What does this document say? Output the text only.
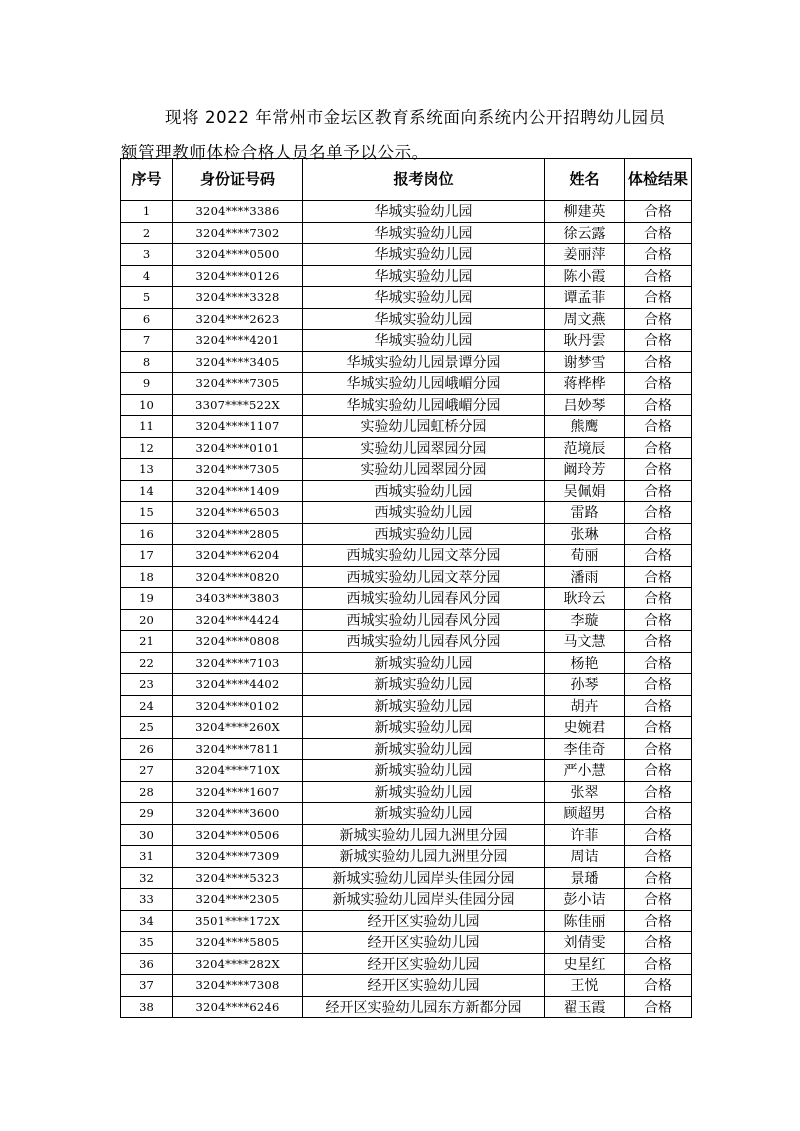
现将 2022 年常州市金坛区教育系统面向系统内公开招聘幼儿园员
额管理教师体检合格人员名单予以公示。
序号	身份证号码	报考岗位	姓名	体检结果
1	3204****3386	华城实验幼儿园	柳建英	合格
2	3204****7302	华城实验幼儿园	徐云露	合格
3	3204****0500	华城实验幼儿园	姜丽萍	合格
4	3204****0126	华城实验幼儿园	陈小霞	合格
5	3204****3328	华城实验幼儿园	谭孟菲	合格
6	3204****2623	华城实验幼儿园	周文燕	合格
7	3204****4201	华城实验幼儿园	耿丹雲	合格
8	3204****3405	华城实验幼儿园景谭分园	谢梦雪	合格
9	3204****7305	华城实验幼儿园峨嵋分园	蒋桦桦	合格
10	3307****522X	华城实验幼儿园峨嵋分园	吕妙琴	合格
11	3204****1107	实验幼儿园虹桥分园	熊鹰	合格
12	3204****0101	实验幼儿园翠园分园	范境辰	合格
13	3204****7305	实验幼儿园翠园分园	阚玲芳	合格
14	3204****1409	西城实验幼儿园	吴佩娟	合格
15	3204****6503	西城实验幼儿园	雷路	合格
16	3204****2805	西城实验幼儿园	张琳	合格
17	3204****6204	西城实验幼儿园文萃分园	荀丽	合格
18	3204****0820	西城实验幼儿园文萃分园	潘雨	合格
19	3403****3803	西城实验幼儿园春风分园	耿玲云	合格
20	3204****4424	西城实验幼儿园春风分园	李璇	合格
21	3204****0808	西城实验幼儿园春风分园	马文慧	合格
22	3204****7103	新城实验幼儿园	杨艳	合格
23	3204****4402	新城实验幼儿园	孙琴	合格
24	3204****0102	新城实验幼儿园	胡卉	合格
25	3204****260X	新城实验幼儿园	史婉君	合格
26	3204****7811	新城实验幼儿园	李佳奇	合格
27	3204****710X	新城实验幼儿园	严小慧	合格
28	3204****1607	新城实验幼儿园	张翠	合格
29	3204****3600	新城实验幼儿园	顾超男	合格
30	3204****0506	新城实验幼儿园九洲里分园	许菲	合格
31	3204****7309	新城实验幼儿园九洲里分园	周诘	合格
32	3204****5323	新城实验幼儿园岸头佳园分园	景璠	合格
33	3204****2305	新城实验幼儿园岸头佳园分园	彭小诘	合格
34	3501****172X	经开区实验幼儿园	陈佳丽	合格
35	3204****5805	经开区实验幼儿园	刘倩雯	合格
36	3204****282X	经开区实验幼儿园	史星红	合格
37	3204****7308	经开区实验幼儿园	王悦	合格
38	3204****6246	经开区实验幼儿园东方新都分园	翟玉霞	合格
